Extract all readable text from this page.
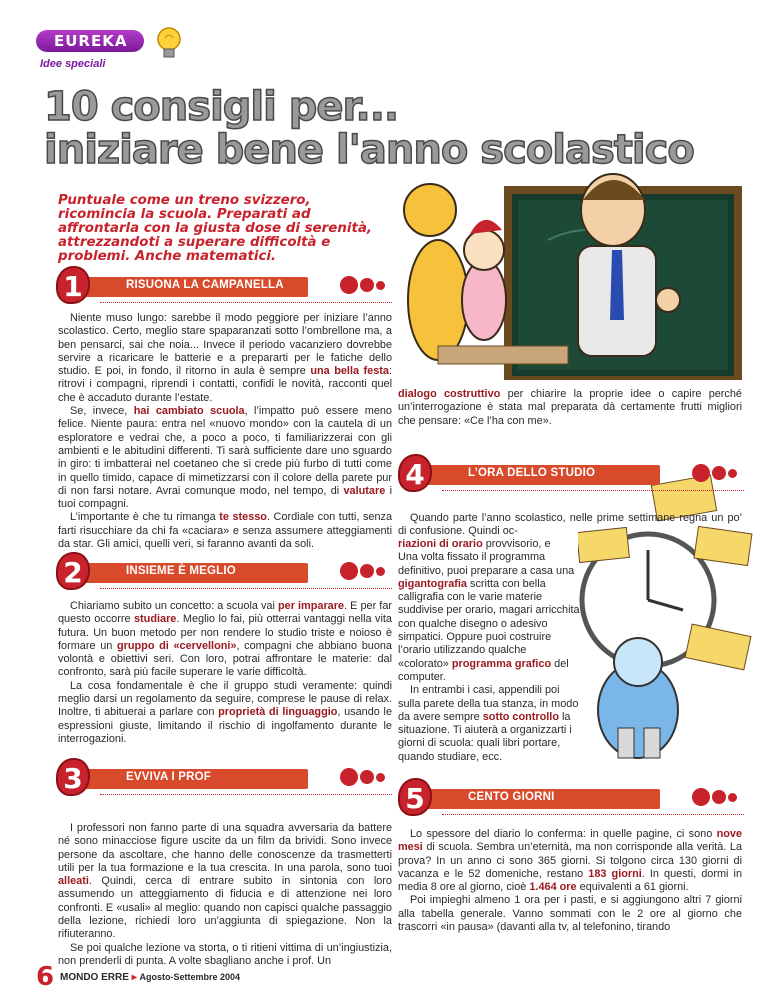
EUREKA
Idee speciali
10 consigli per...
iniziare bene l'anno scolastico
Puntuale come un treno svizzero, ricomincia la scuola. Preparati ad affrontarla con la giusta dose di serenità, attrezzandoti a superare difficoltà e problemi. Anche matematici.
1	RISUONA LA CAMPANELLA

Niente muso lungo: sarebbe il modo peggiore per iniziare l’anno scolastico. Certo, meglio stare spaparanzati sotto l’ombrellone ma, a ben pensarci, sai che noia... Invece il periodo vacanziero dovrebbe servire a ricaricare le batterie e a prepararti per le fatiche dello studio. E poi, in fondo, il ritorno in aula è sempre una bella festa: ritrovi i compagni, riprendi i contatti, confidi le novità, racconti quel che è accaduto durante l’estate.

Se, invece, hai cambiato scuola, l’impatto può essere meno felice. Niente paura: entra nel «nuovo mondo» con la cautela di un esploratore e vedrai che, a poco a poco, ti familiarizzerai con gli ambienti e le abitudini differenti. Ti sarà sufficiente dare uno sguardo in giro: ti imbatterai nel coetaneo che si crede più furbo di tutti come in quello timido, capace di mimetizzarsi con il colore della parete pur di non farsi notare. Avrai comunque modo, nel tempo, di valutare i tuoi compagni.

L’importante è che tu rimanga te stesso. Cordiale con tutti, senza farti risucchiare da chi fa «caciara» e senza assumere atteggiamenti da star. Gli amici, quelli veri, si faranno avanti da soli.

2	INSIEME È MEGLIO

Chiariamo subito un concetto: a scuola vai per imparare. E per far questo occorre studiare. Meglio lo fai, più otterrai vantaggi nella vita futura. Un buon metodo per non rendere lo studio triste e noioso è formare un gruppo di «cervelloni», compagni che abbiano buona volontà e obiettivi seri. Con loro, potrai affrontare le materie: dal confronto, sarà più facile superare le varie difficoltà.

La cosa fondamentale è che il gruppo studi veramente: quindi meglio darsi un regolamento da seguire, comprese le pause di relax. Inoltre, ti abituerai a parlare con proprietà di linguaggio, usando le espressioni giuste, limitando il rischio di ingolfamento durante le interrogazioni.

3	EVVIVA I PROF

I professori non fanno parte di una squadra avversaria da battere né sono minacciose figure uscite da un film da brividi. Sono invece persone da ascoltare, che hanno delle conoscenze da trasmetterti utili per la tua formazione e la tua crescita. In una parola, sono tuoi alleati. Quindi, cerca di entrare subito in sintonia con loro assumendo un atteggiamento di fiducia e di attenzione nei loro confronti. E «usali» al meglio: quando non capisci qualche passaggio della lezione, richiedi loro un’aggiunta di spiegazione. Non la rifiuteranno.

Se poi qualche lezione va storta, o ti ritieni vittima di un’ingiustizia, non prenderli di punta. A volte sbagliano anche i prof. Un

dialogo costruttivo per chiarire la proprie idee o capire perché un’interrogazione è stata mal preparata dà certamente frutti migliori che pensare: «Ce l’ha con me».

4	L’ORA DELLO STUDIO

Quando parte l’anno scolastico, nelle prime settimane regna un po’ di confusione. Quindi oc-

riazioni di orario provvisorio, e

Una volta fissato il programma definitivo, puoi preparare a casa una gigantografia scritta con bella calligrafia con le varie materie suddivise per orario, magari arricchita con qualche disegno o adesivo simpatici. Oppure puoi costruire l’orario utilizzando qualche «colorato» programma grafico del computer.

In entrambi i casi, appendili poi sulla parete della tua stanza, in modo da avere sempre sotto controllo la situazione. Ti aiuterà a organizzarti i giorni di scuola: quali libri portare, quando studiare, ecc.

5	CENTO GIORNI

Lo spessore del diario lo conferma: in quelle pagine, ci sono nove mesi di scuola. Sembra un’eternità, ma non corrisponde alla verità. La prova? In un anno ci sono 365 giorni. Si tolgono circa 130 giorni di vacanza e le 52 domeniche, restano 183 giorni. In questi, dormi in media 8 ore al giorno, cioè 1.464 ore equivalenti a 61 giorni.

Poi impieghi almeno 1 ora per i pasti, e si aggiungono altri 7 giorni alla tabella generale. Vanno sommati con le 2 ore al giorno che trascorri «in pausa» (davanti alla tv, al telefonino, tirando

6 MONDO ERRE ▸ Agosto-Settembre 2004
